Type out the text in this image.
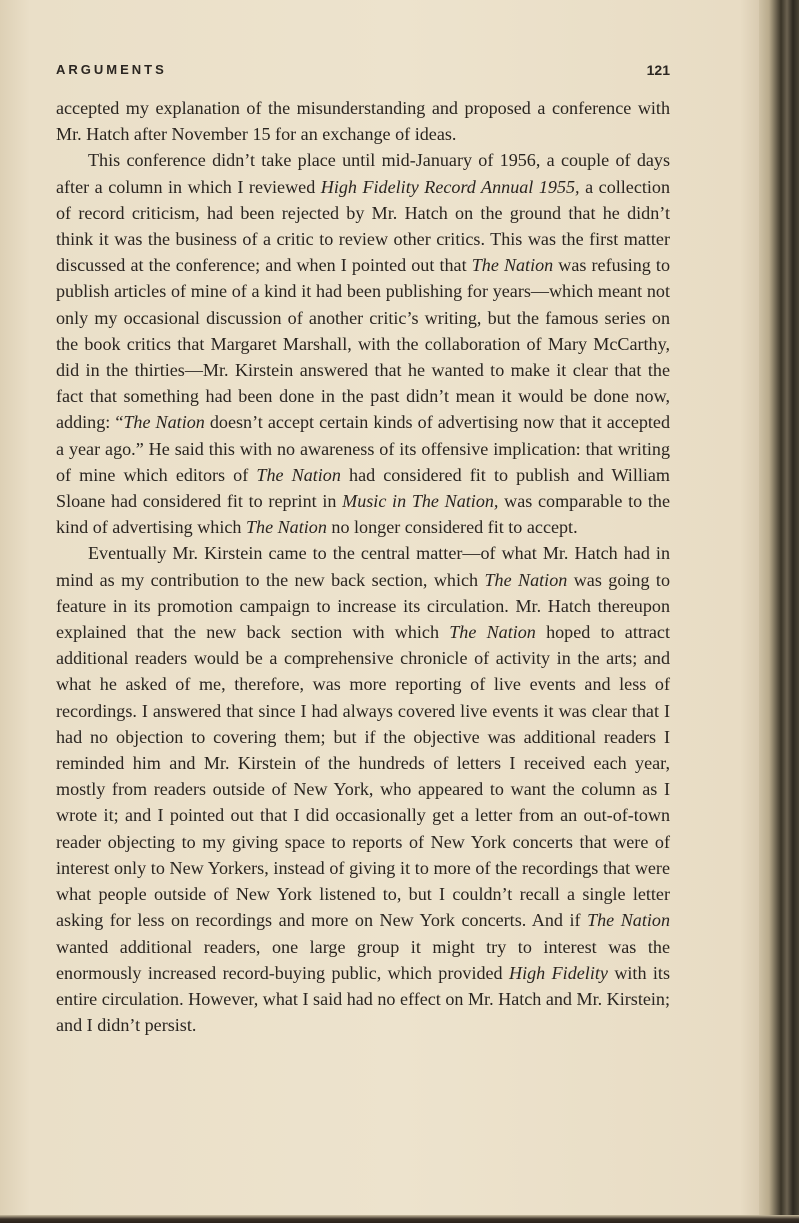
ARGUMENTS	121

accepted my explanation of the misunderstanding and proposed a conference with Mr. Hatch after November 15 for an exchange of ideas.

This conference didn’t take place until mid-January of 1956, a couple of days after a column in which I reviewed High Fidelity Record Annual 1955, a collection of record criticism, had been rejected by Mr. Hatch on the ground that he didn’t think it was the business of a critic to review other critics. This was the first matter discussed at the conference; and when I pointed out that The Nation was refusing to publish articles of mine of a kind it had been publishing for years—which meant not only my occasional discussion of another critic’s writing, but the famous series on the book critics that Margaret Marshall, with the collaboration of Mary McCarthy, did in the thirties—Mr. Kirstein answered that he wanted to make it clear that the fact that something had been done in the past didn’t mean it would be done now, adding: “The Nation doesn’t accept certain kinds of advertising now that it accepted a year ago.” He said this with no awareness of its offensive implication: that writing of mine which editors of The Nation had considered fit to publish and William Sloane had considered fit to reprint in Music in The Nation, was comparable to the kind of advertising which The Nation no longer considered fit to accept.

Eventually Mr. Kirstein came to the central matter—of what Mr. Hatch had in mind as my contribution to the new back section, which The Nation was going to feature in its promotion campaign to increase its circulation. Mr. Hatch thereupon explained that the new back section with which The Nation hoped to attract additional readers would be a comprehensive chronicle of activity in the arts; and what he asked of me, therefore, was more reporting of live events and less of recordings. I answered that since I had always covered live events it was clear that I had no objection to covering them; but if the objective was additional readers I reminded him and Mr. Kirstein of the hundreds of letters I received each year, mostly from readers outside of New York, who appeared to want the column as I wrote it; and I pointed out that I did occasionally get a letter from an out-of-town reader objecting to my giving space to reports of New York concerts that were of interest only to New Yorkers, instead of giving it to more of the recordings that were what people outside of New York listened to, but I couldn’t recall a single letter asking for less on recordings and more on New York concerts. And if The Nation wanted additional readers, one large group it might try to interest was the enormously increased record-buying public, which provided High Fidelity with its entire circulation. However, what I said had no effect on Mr. Hatch and Mr. Kirstein; and I didn’t persist.
